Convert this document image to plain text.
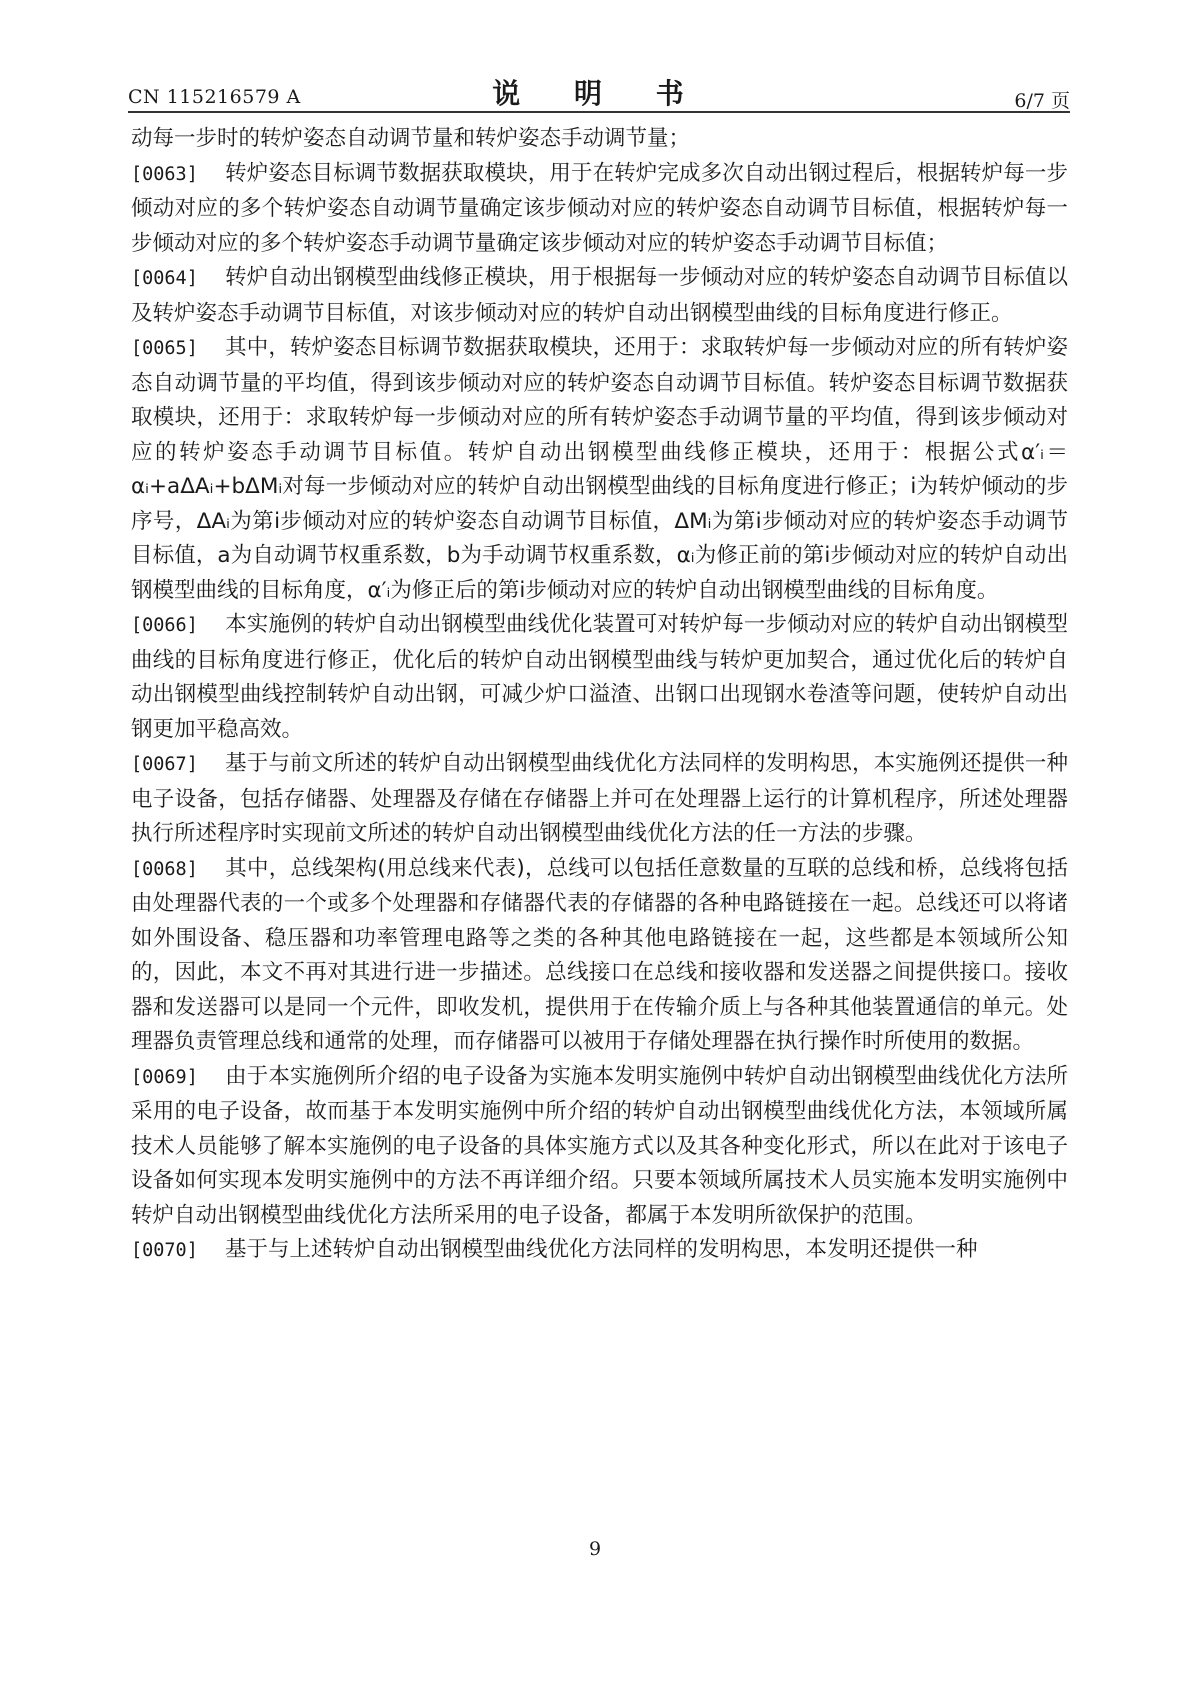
CN 115216579 A	说 明 书	6/7 页

动每一步时的转炉姿态自动调节量和转炉姿态手动调节量；

[0063] 转炉姿态目标调节数据获取模块，用于在转炉完成多次自动出钢过程后，根据转炉每一步倾动对应的多个转炉姿态自动调节量确定该步倾动对应的转炉姿态自动调节目标值，根据转炉每一步倾动对应的多个转炉姿态手动调节量确定该步倾动对应的转炉姿态手动调节目标值；

[0064] 转炉自动出钢模型曲线修正模块，用于根据每一步倾动对应的转炉姿态自动调节目标值以及转炉姿态手动调节目标值，对该步倾动对应的转炉自动出钢模型曲线的目标角度进行修正。

[0065] 其中，转炉姿态目标调节数据获取模块，还用于：求取转炉每一步倾动对应的所有转炉姿态自动调节量的平均值，得到该步倾动对应的转炉姿态自动调节目标值。转炉姿态目标调节数据获取模块，还用于：求取转炉每一步倾动对应的所有转炉姿态手动调节量的平均值，得到该步倾动对应的转炉姿态手动调节目标值。转炉自动出钢模型曲线修正模块，还用于：根据公式α′ᵢ＝αᵢ+aΔAᵢ+bΔMᵢ对每一步倾动对应的转炉自动出钢模型曲线的目标角度进行修正；i为转炉倾动的步序号，ΔAᵢ为第i步倾动对应的转炉姿态自动调节目标值，ΔMᵢ为第i步倾动对应的转炉姿态手动调节目标值，a为自动调节权重系数，b为手动调节权重系数，αᵢ为修正前的第i步倾动对应的转炉自动出钢模型曲线的目标角度，α′ᵢ为修正后的第i步倾动对应的转炉自动出钢模型曲线的目标角度。

[0066] 本实施例的转炉自动出钢模型曲线优化装置可对转炉每一步倾动对应的转炉自动出钢模型曲线的目标角度进行修正，优化后的转炉自动出钢模型曲线与转炉更加契合，通过优化后的转炉自动出钢模型曲线控制转炉自动出钢，可减少炉口溢渣、出钢口出现钢水卷渣等问题，使转炉自动出钢更加平稳高效。

[0067] 基于与前文所述的转炉自动出钢模型曲线优化方法同样的发明构思，本实施例还提供一种电子设备，包括存储器、处理器及存储在存储器上并可在处理器上运行的计算机程序，所述处理器执行所述程序时实现前文所述的转炉自动出钢模型曲线优化方法的任一方法的步骤。

[0068] 其中，总线架构(用总线来代表)，总线可以包括任意数量的互联的总线和桥，总线将包括由处理器代表的一个或多个处理器和存储器代表的存储器的各种电路链接在一起。总线还可以将诸如外围设备、稳压器和功率管理电路等之类的各种其他电路链接在一起，这些都是本领域所公知的，因此，本文不再对其进行进一步描述。总线接口在总线和接收器和发送器之间提供接口。接收器和发送器可以是同一个元件，即收发机，提供用于在传输介质上与各种其他装置通信的单元。处理器负责管理总线和通常的处理，而存储器可以被用于存储处理器在执行操作时所使用的数据。

[0069] 由于本实施例所介绍的电子设备为实施本发明实施例中转炉自动出钢模型曲线优化方法所采用的电子设备，故而基于本发明实施例中所介绍的转炉自动出钢模型曲线优化方法，本领域所属技术人员能够了解本实施例的电子设备的具体实施方式以及其各种变化形式，所以在此对于该电子设备如何实现本发明实施例中的方法不再详细介绍。只要本领域所属技术人员实施本发明实施例中转炉自动出钢模型曲线优化方法所采用的电子设备，都属于本发明所欲保护的范围。

[0070] 基于与上述转炉自动出钢模型曲线优化方法同样的发明构思，本发明还提供一种

9
